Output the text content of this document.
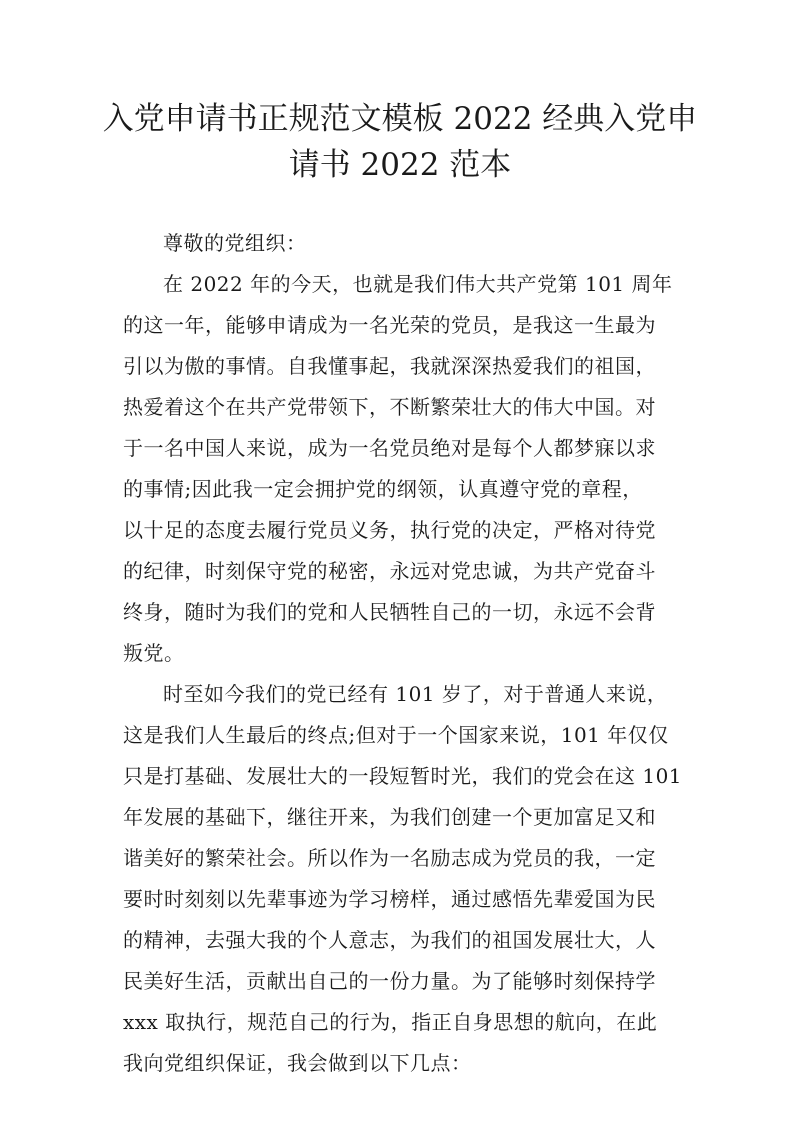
入党申请书正规范文模板 2022 经典入党申
请书 2022 范本
尊敬的党组织：
在 2022 年的今天，也就是我们伟大共产党第 101 周年
的这一年，能够申请成为一名光荣的党员，是我这一生最为
引以为傲的事情。自我懂事起，我就深深热爱我们的祖国，
热爱着这个在共产党带领下，不断繁荣壮大的伟大中国。对
于一名中国人来说，成为一名党员绝对是每个人都梦寐以求
的事情;因此我一定会拥护党的纲领，认真遵守党的章程，
以十足的态度去履行党员义务，执行党的决定，严格对待党
的纪律，时刻保守党的秘密，永远对党忠诚，为共产党奋斗
终身，随时为我们的党和人民牺牲自己的一切，永远不会背
叛党。
时至如今我们的党已经有 101 岁了，对于普通人来说，
这是我们人生最后的终点;但对于一个国家来说，101 年仅仅
只是打基础、发展壮大的一段短暂时光，我们的党会在这 101
年发展的基础下，继往开来，为我们创建一个更加富足又和
谐美好的繁荣社会。所以作为一名励志成为党员的我，一定
要时时刻刻以先辈事迹为学习榜样，通过感悟先辈爱国为民
的精神，去强大我的个人意志，为我们的祖国发展壮大，人
民美好生活，贡献出自己的一份力量。为了能够时刻保持学
xxx 取执行，规范自己的行为，指正自身思想的航向，在此
我向党组织保证，我会做到以下几点：
